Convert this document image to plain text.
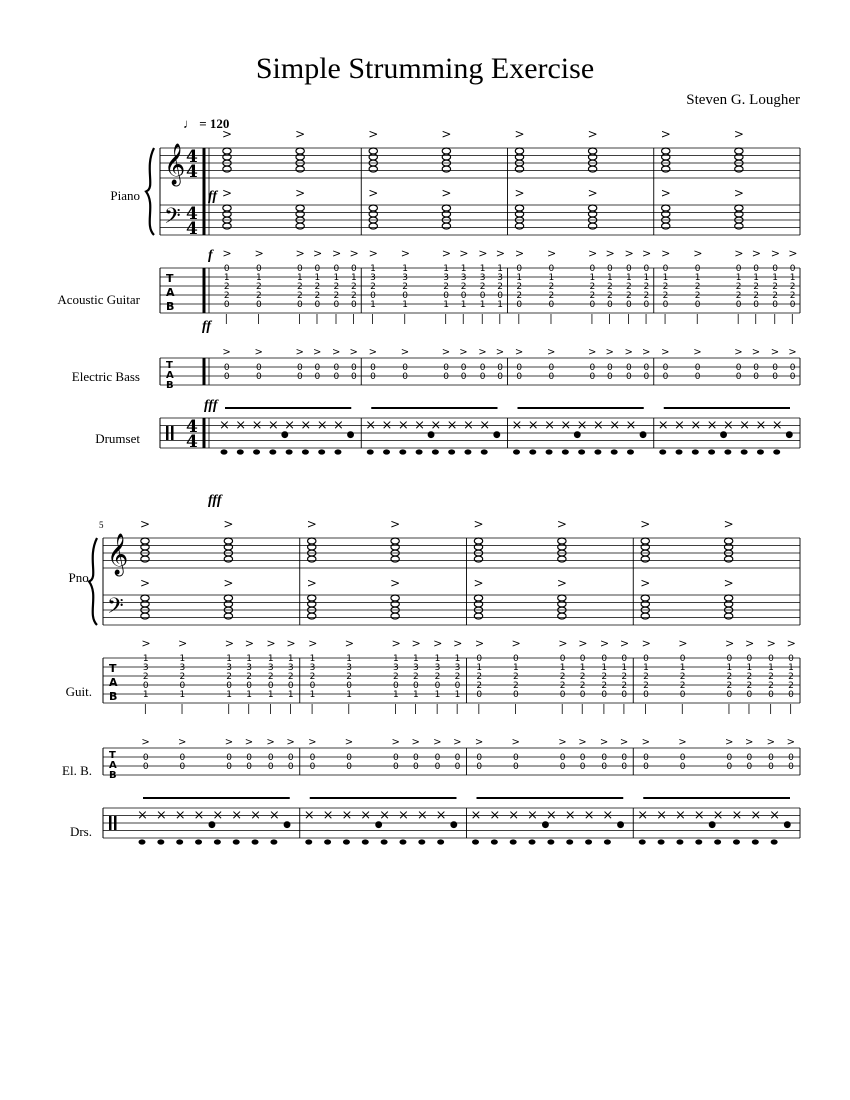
Simple Strumming Exercise
Steven G. Lougher
♩ = 120
Piano
Acoustic Guitar
Electric Bass
Drumset
5
Pno.
Guit.
El. B.
Drs.
𝄞
𝄢
T
A
B
T
A
B
4
4
4
4
4
4
ff
f
ff
fff
fff
>
>
>
>
0
1
2
2
0
>
0
1
2
2
0
>
0
1
2
2
0
>
0
1
2
2
0
>
0
1
2
2
0
>
0
1
2
2
0
>
0
0
>
0
0
>
0
0
>
0
0
>
0
0
>
0
0
>
× × × × × × × ×
●	●
>
>
>
>
1
3
2
0
1
>
1
3
2
0
1
>
1
3
2
0
1
>
1
3
2
0
1
>
1
3
2
0
1
>
1
3
2
0
1
>
0
0
>
0
0
>
0
0
>
0
0
>
0
0
>
0
0
>
× × × × × × × ×
●	●
>
>
>
>
0
1
2
2
0
>
0
1
2
2
0
>
0
1
2
2
0
>
0
1
2
2
0
>
0
1
2
2
0
>
0
1
2
2
0
>
0
0
>
0
0
>
0
0
>
0
0
>
0
0
>
0
0
>
× × × × × × × ×
●	●
>
>
>
>
0
1
2
2
0
>
0
1
2
2
0
>
0
1
2
2
0
>
0
1
2
2
0
>
0
1
2
2
0
>
0
1
2
2
0
>
0
0
>
0
0
>
0
0
>
0
0
>
0
0
>
0
0
>
× × × × × × × ×
●	●
𝄞
𝄢
T
A
B
T
A
B
>
>
>
>
1
3
2
0
1
>
1
3
2
0
1
>
1
3
2
0
1
>
1
3
2
0
1
>
1
3
2
0
1
>
1
3
2
0
1
>
0
0
>
0
0
>
0
0
>
0
0
>
0
0
>
0
0
>
× × × × × × × ×
●	●
>
>
>
>
1
3
2
0
1
>
1
3
2
0
1
>
1
3
2
0
1
>
1
3
2
0
1
>
1
3
2
0
1
>
1
3
2
0
1
>
0
0
>
0
0
>
0
0
>
0
0
>
0
0
>
0
0
>
× × × × × × × ×
●	●
>
>
>
>
0
1
2
2
0
>
0
1
2
2
0
>
0
1
2
2
0
>
0
1
2
2
0
>
0
1
2
2
0
>
0
1
2
2
0
>
0
0
>
0
0
>
0
0
>
0
0
>
0
0
>
0
0
>
× × × × × × × ×
●	●
>
>
>
>
0
1
2
2
0
>
0
1
2
2
0
>
0
1
2
2
0
>
0
1
2
2
0
>
0
1
2
2
0
>
0
1
2
2
0
>
0
0
>
0
0
>
0
0
>
0
0
>
0
0
>
0
0
>
× × × × × × × ×
●	●
